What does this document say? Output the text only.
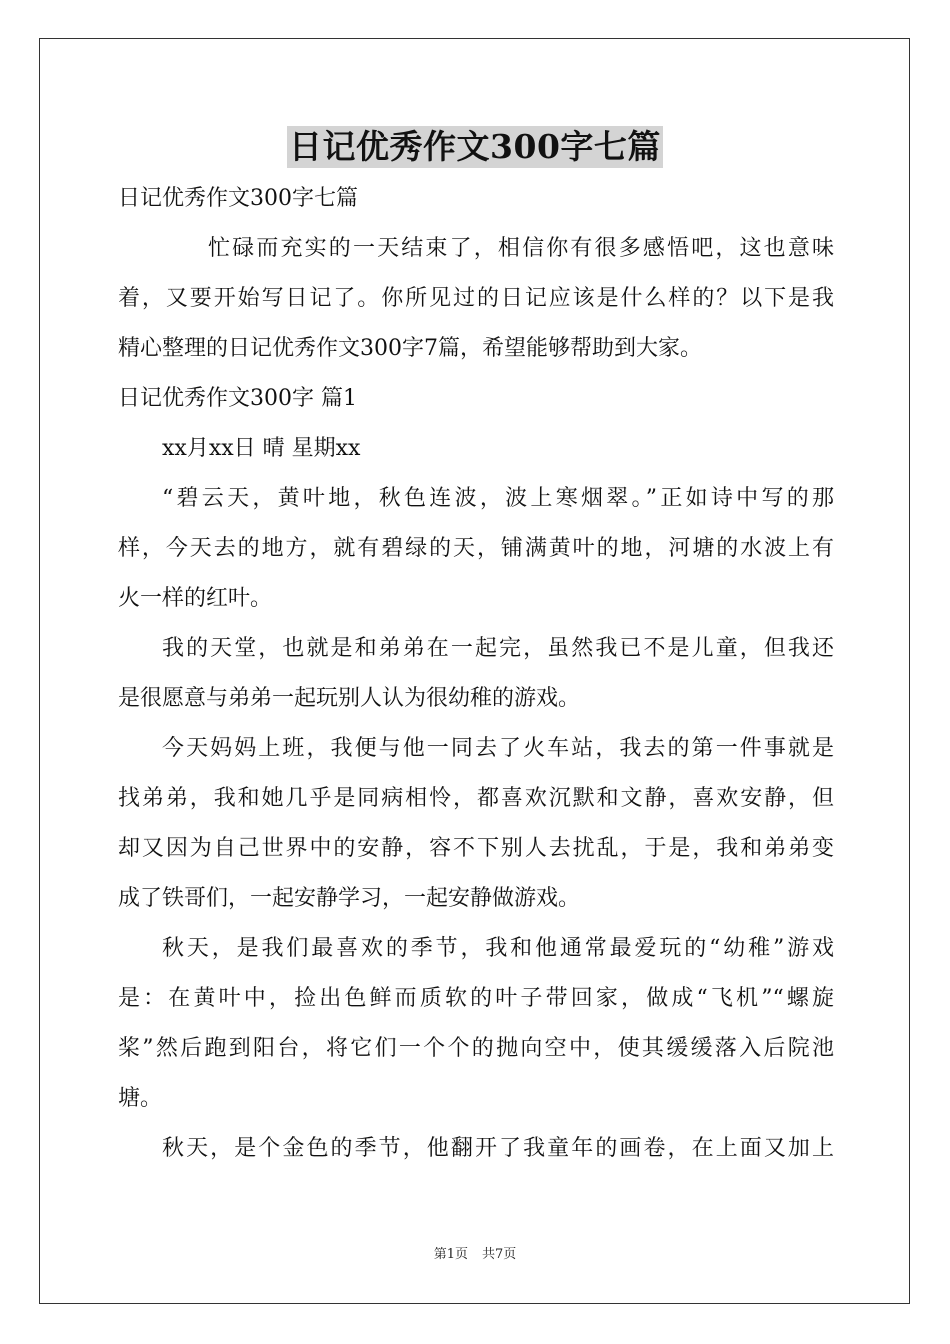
日记优秀作文300字七篇
日记优秀作文300字七篇
忙碌而充实的一天结束了，相信你有很多感悟吧，这也意味
着，又要开始写日记了。你所见过的日记应该是什么样的？以下是我
精心整理的日记优秀作文300字7篇，希望能够帮助到大家。
日记优秀作文300字 篇1
xx月xx日 晴 星期xx
“碧云天，黄叶地，秋色连波，波上寒烟翠。”正如诗中写的那
样，今天去的地方，就有碧绿的天，铺满黄叶的地，河塘的水波上有
火一样的红叶。
我的天堂，也就是和弟弟在一起完，虽然我已不是儿童，但我还
是很愿意与弟弟一起玩别人认为很幼稚的游戏。
今天妈妈上班，我便与他一同去了火车站，我去的第一件事就是
找弟弟，我和她几乎是同病相怜，都喜欢沉默和文静，喜欢安静，但
却又因为自己世界中的安静，容不下别人去扰乱，于是，我和弟弟变
成了铁哥们，一起安静学习，一起安静做游戏。
秋天，是我们最喜欢的季节，我和他通常最爱玩的“幼稚”游戏
是：在黄叶中，捡出色鲜而质软的叶子带回家，做成“飞机”“螺旋
桨”然后跑到阳台，将它们一个个的抛向空中，使其缓缓落入后院池
塘。
秋天，是个金色的季节，他翻开了我童年的画卷，在上面又加上
第1页 共7页
